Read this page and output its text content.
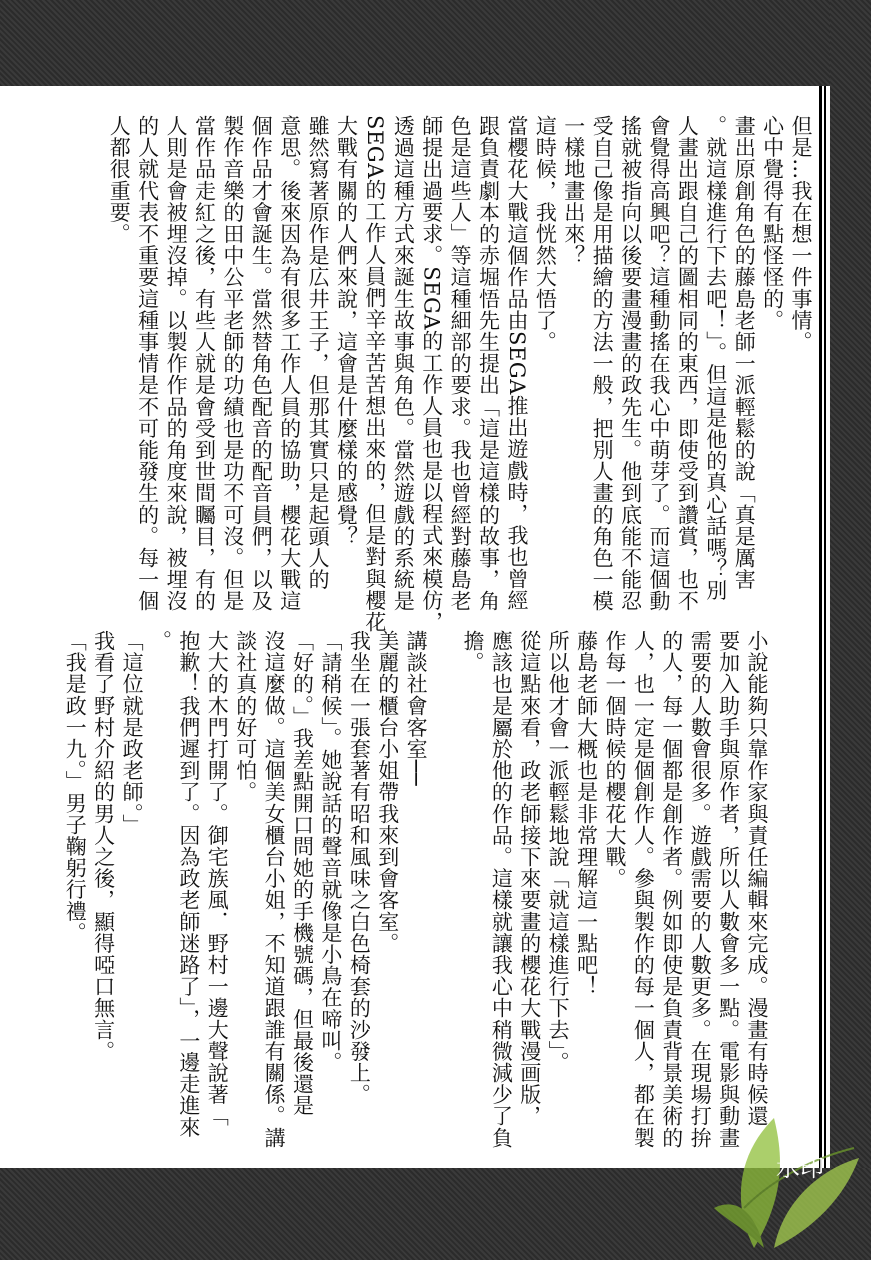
但是…我在想一件事情。
心中覺得有點怪怪的。
畫出原創角色的藤島老師一派輕鬆的說「真是厲害
。就這樣進行下去吧！」。但這是他的真心話嗎？別
人畫出跟自己的圖相同的東西，即使受到讚賞，也不
會覺得高興吧？這種動搖在我心中萌芽了。而這個動
搖就被指向以後要畫漫畫的政先生。他到底能不能忍
受自己像是用描繪的方法一般，把別人畫的角色一模
一樣地畫出來？
這時候，我恍然大悟了。
當櫻花大戰這個作品由SEGA推出遊戲時，我也曾經
跟負責劇本的赤堀悟先生提出「這是這樣的故事，角
色是這些人」等這種細部的要求。我也曾經對藤島老
師提出過要求。SEGA的工作人員也是以程式來模仿，
透過這種方式來誕生故事與角色。當然遊戲的系統是
SEGA的工作人員們辛辛苦苦想出來的，但是對與櫻花
大戰有關的人們來說，這會是什麼樣的感覺？
雖然寫著原作是広井王子，但那其實只是起頭人的
意思。後來因為有很多工作人員的協助，櫻花大戰這
個作品才會誕生。當然替角色配音的配音員們，以及
製作音樂的田中公平老師的功績也是功不可沒。但是
當作品走紅之後，有些人就是會受到世間矚目，有的
人則是會被埋沒掉。以製作作品的角度來說，被埋沒
的人就代表不重要這種事情是不可能發生的。每一個
人都很重要。
小說能夠只靠作家與責任編輯來完成。漫畫有時候還
要加入助手與原作者，所以人數會多一點。電影與動畫
需要的人數會很多。遊戲需要的人數更多。在現場打拚
的人，每一個都是創作者。例如即使是負責背景美術的
人，也一定是個創作人。參與製作的每一個人，都在製
作每一個時候的櫻花大戰。
藤島老師大概也是非常理解這一點吧！
所以他才會一派輕鬆地說「就這樣進行下去」。
從這點來看，政老師接下來要畫的櫻花大戰漫画版，
應該也是屬於他的作品。這樣就讓我心中稍微減少了負
擔。

講談社會客室──
美麗的櫃台小姐帶我來到會客室。
我坐在一張套著有昭和風味之白色椅套的沙發上。
「請稍候」。她說話的聲音就像是小鳥在啼叫。
「好的。」我差點開口問她的手機號碼，但最後還是
沒這麼做。這個美女櫃台小姐，不知道跟誰有關係。講
談社真的好可怕。
大大的木門打開了。御宅族風．野村一邊大聲說著「
抱歉！我們遲到了。因為政老師迷路了」，一邊走進來
。
「這位就是政老師。」
我看了野村介紹的男人之後，顯得啞口無言。
「我是政一九。」男子鞠躬行禮。
水印
